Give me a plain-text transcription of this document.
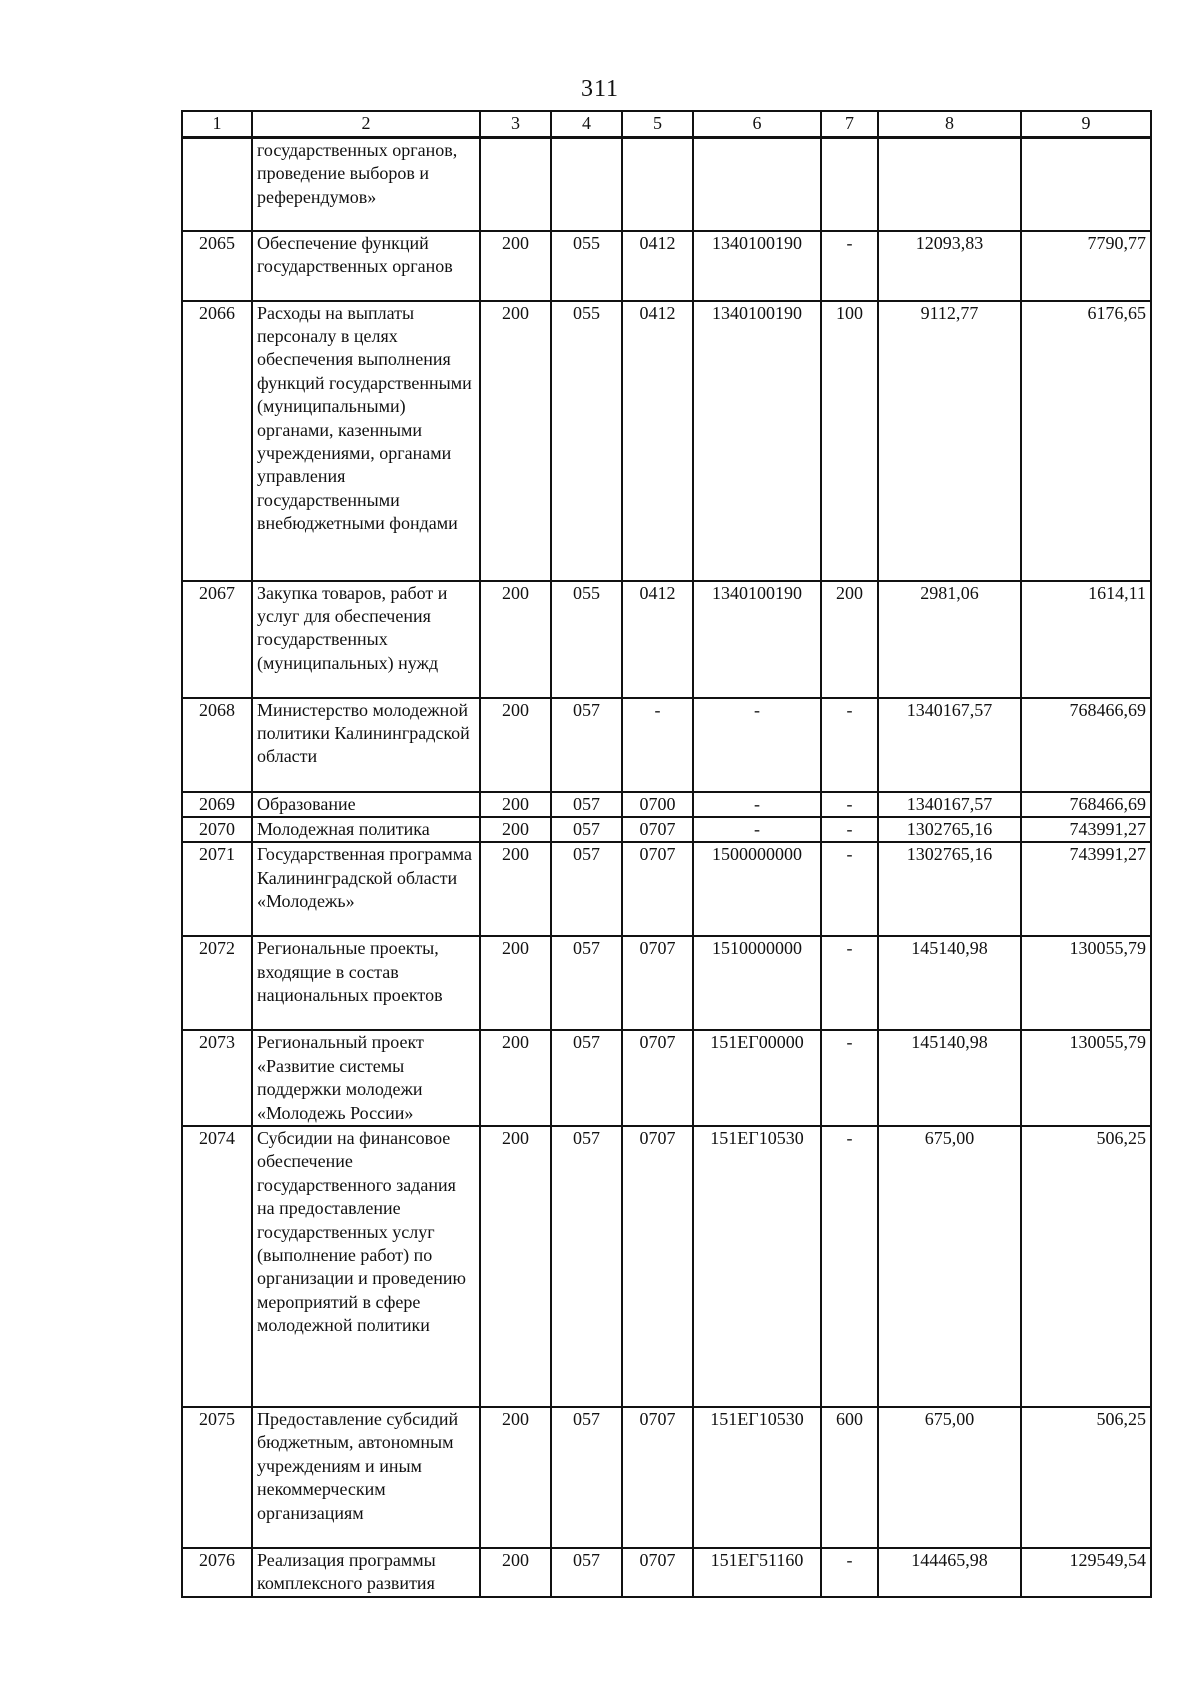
311
1	2	3	4	5	6	7	8	9
	государственных органов, проведение выборов и референдумов»							
2065	Обеспечение функций государственных органов	200	055	0412	1340100190	-	12093,83	7790,77
2066	Расходы на выплаты персоналу в целях обеспечения выполнения функций государственными (муниципальными) органами, казенными учреждениями, органами управления государственными внебюджетными фондами	200	055	0412	1340100190	100	9112,77	6176,65
2067	Закупка товаров, работ и услуг для обеспечения государственных (муниципальных) нужд	200	055	0412	1340100190	200	2981,06	1614,11
2068	Министерство молодежной политики Калининградской области	200	057	-	-	-	1340167,57	768466,69
2069	Образование	200	057	0700	-	-	1340167,57	768466,69
2070	Молодежная политика	200	057	0707	-	-	1302765,16	743991,27
2071	Государственная программа Калининградской области «Молодежь»	200	057	0707	1500000000	-	1302765,16	743991,27
2072	Региональные проекты, входящие в состав национальных проектов	200	057	0707	1510000000	-	145140,98	130055,79
2073	Региональный проект «Развитие системы поддержки молодежи «Молодежь России»	200	057	0707	151ЕГ00000	-	145140,98	130055,79
2074	Субсидии на финансовое обеспечение государственного задания на предоставление государственных услуг (выполнение работ) по организации и проведению мероприятий в сфере молодежной политики	200	057	0707	151ЕГ10530	-	675,00	506,25
2075	Предоставление субсидий бюджетным, автономным учреждениям и иным некоммерческим организациям	200	057	0707	151ЕГ10530	600	675,00	506,25
2076	Реализация программы комплексного развития	200	057	0707	151ЕГ51160	-	144465,98	129549,54
